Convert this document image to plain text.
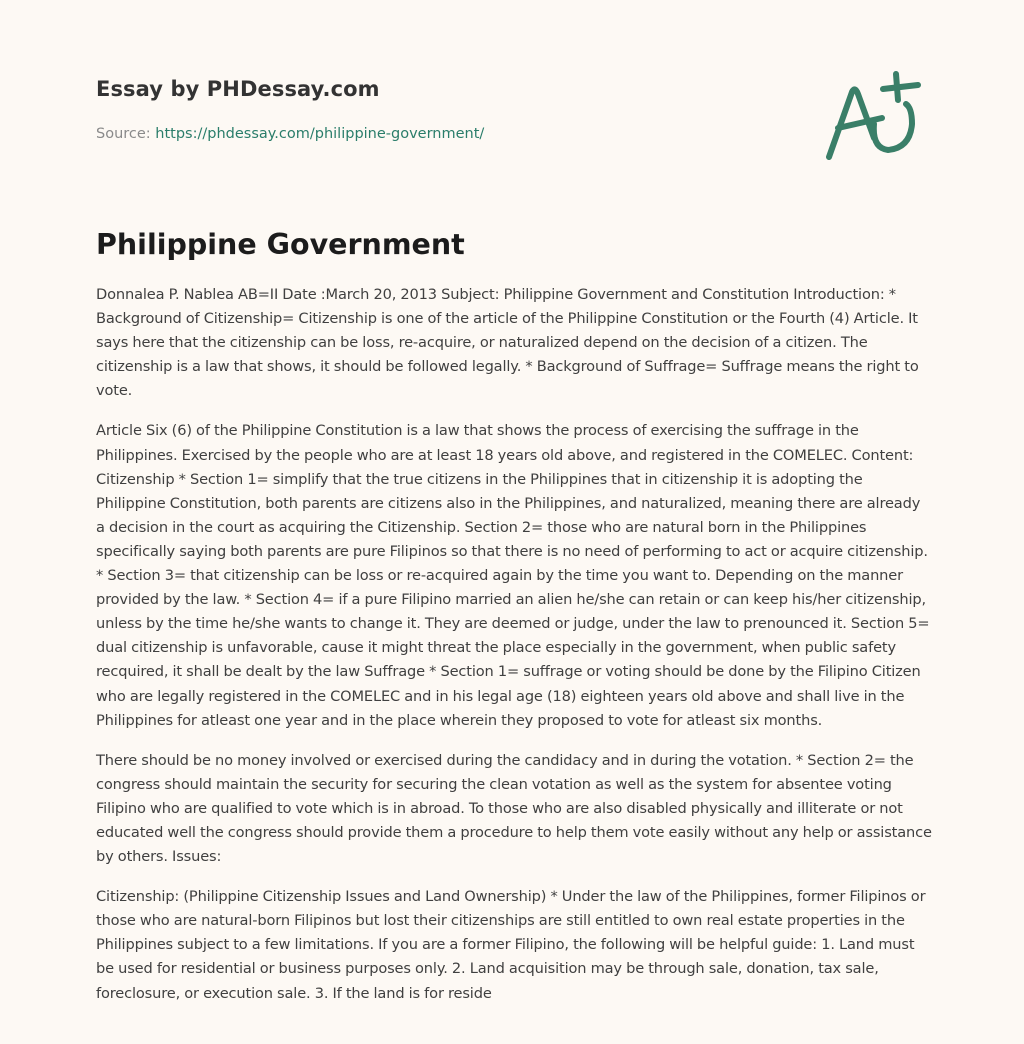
Essay by PHDessay.com
Source: https://phdessay.com/philippine-government/
Philippine Government

Donnalea P. Nablea AB=II Date :March 20, 2013 Subject: Philippine Government and Constitution Introduction: * Background of Citizenship= Citizenship is one of the article of the Philippine Constitution or the Fourth (4) Article. It says here that the citizenship can be loss, re-acquire, or naturalized depend on the decision of a citizen. The citizenship is a law that shows, it should be followed legally. * Background of Suffrage= Suffrage means the right to vote.

Article Six (6) of the Philippine Constitution is a law that shows the process of exercising the suffrage in the Philippines. Exercised by the people who are at least 18 years old above, and registered in the COMELEC. Content: Citizenship * Section 1= simplify that the true citizens in the Philippines that in citizenship it is adopting the Philippine Constitution, both parents are citizens also in the Philippines, and naturalized, meaning there are already a decision in the court as acquiring the Citizenship. Section 2= those who are natural born in the Philippines specifically saying both parents are pure Filipinos so that there is no need of performing to act or acquire citizenship. * Section 3= that citizenship can be loss or re-acquired again by the time you want to. Depending on the manner provided by the law. * Section 4= if a pure Filipino married an alien he/she can retain or can keep his/her citizenship, unless by the time he/she wants to change it. They are deemed or judge, under the law to prenounced it. Section 5= dual citizenship is unfavorable, cause it might threat the place especially in the government, when public safety recquired, it shall be dealt by the law Suffrage * Section 1= suffrage or voting should be done by the Filipino Citizen who are legally registered in the COMELEC and in his legal age (18) eighteen years old above and shall live in the Philippines for atleast one year and in the place wherein they proposed to vote for atleast six months.

There should be no money involved or exercised during the candidacy and in during the votation. * Section 2= the congress should maintain the security for securing the clean votation as well as the system for absentee voting Filipino who are qualified to vote which is in abroad. To those who are also disabled physically and illiterate or not educated well the congress should provide them a procedure to help them vote easily without any help or assistance by others. Issues:

Citizenship: (Philippine Citizenship Issues and Land Ownership) * Under the law of the Philippines, former Filipinos or those who are natural-born Filipinos but lost their citizenships are still entitled to own real estate properties in the Philippines subject to a few limitations. If you are a former Filipino, the following will be helpful guide: 1. Land must be used for residential or business purposes only. 2. Land acquisition may be through sale, donation, tax sale, foreclosure, or execution sale. 3. If the land is for reside
